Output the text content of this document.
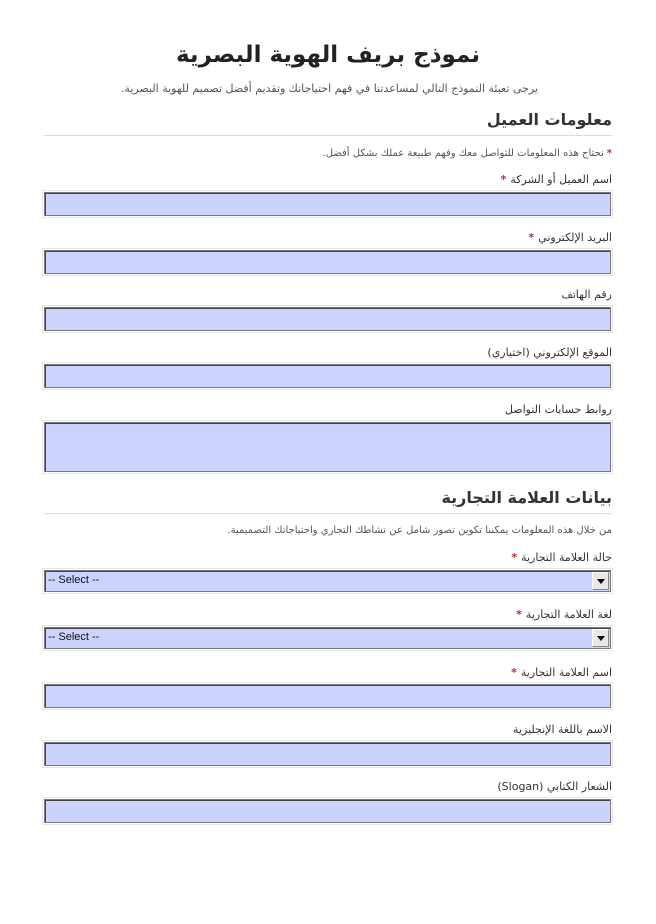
نموذج بريف الهوية البصرية
يرجى تعبئة النموذج التالي لمساعدتنا في فهم احتياجاتك وتقديم أفضل تصميم للهوية البصرية.
معلومات العميل
*نحتاج هذه المعلومات للتواصل معك وفهم طبيعة عملك بشكل أفضل.
اسم العميل أو الشركة*
البريد الإلكتروني*
رقم الهاتف
الموقع الإلكتروني (اختياري)
روابط حسابات التواصل
بيانات العلامة التجارية
من خلال هذه المعلومات يمكننا تكوين تصور شامل عن نشاطك التجاري واحتياجاتك التصميمية.
حالة العلامة التجارية*
-- Select --
لغة العلامة التجارية*
-- Select --
اسم العلامة التجارية*
الاسم باللغة الإنجليزية
الشعار الكتابي (Slogan)
